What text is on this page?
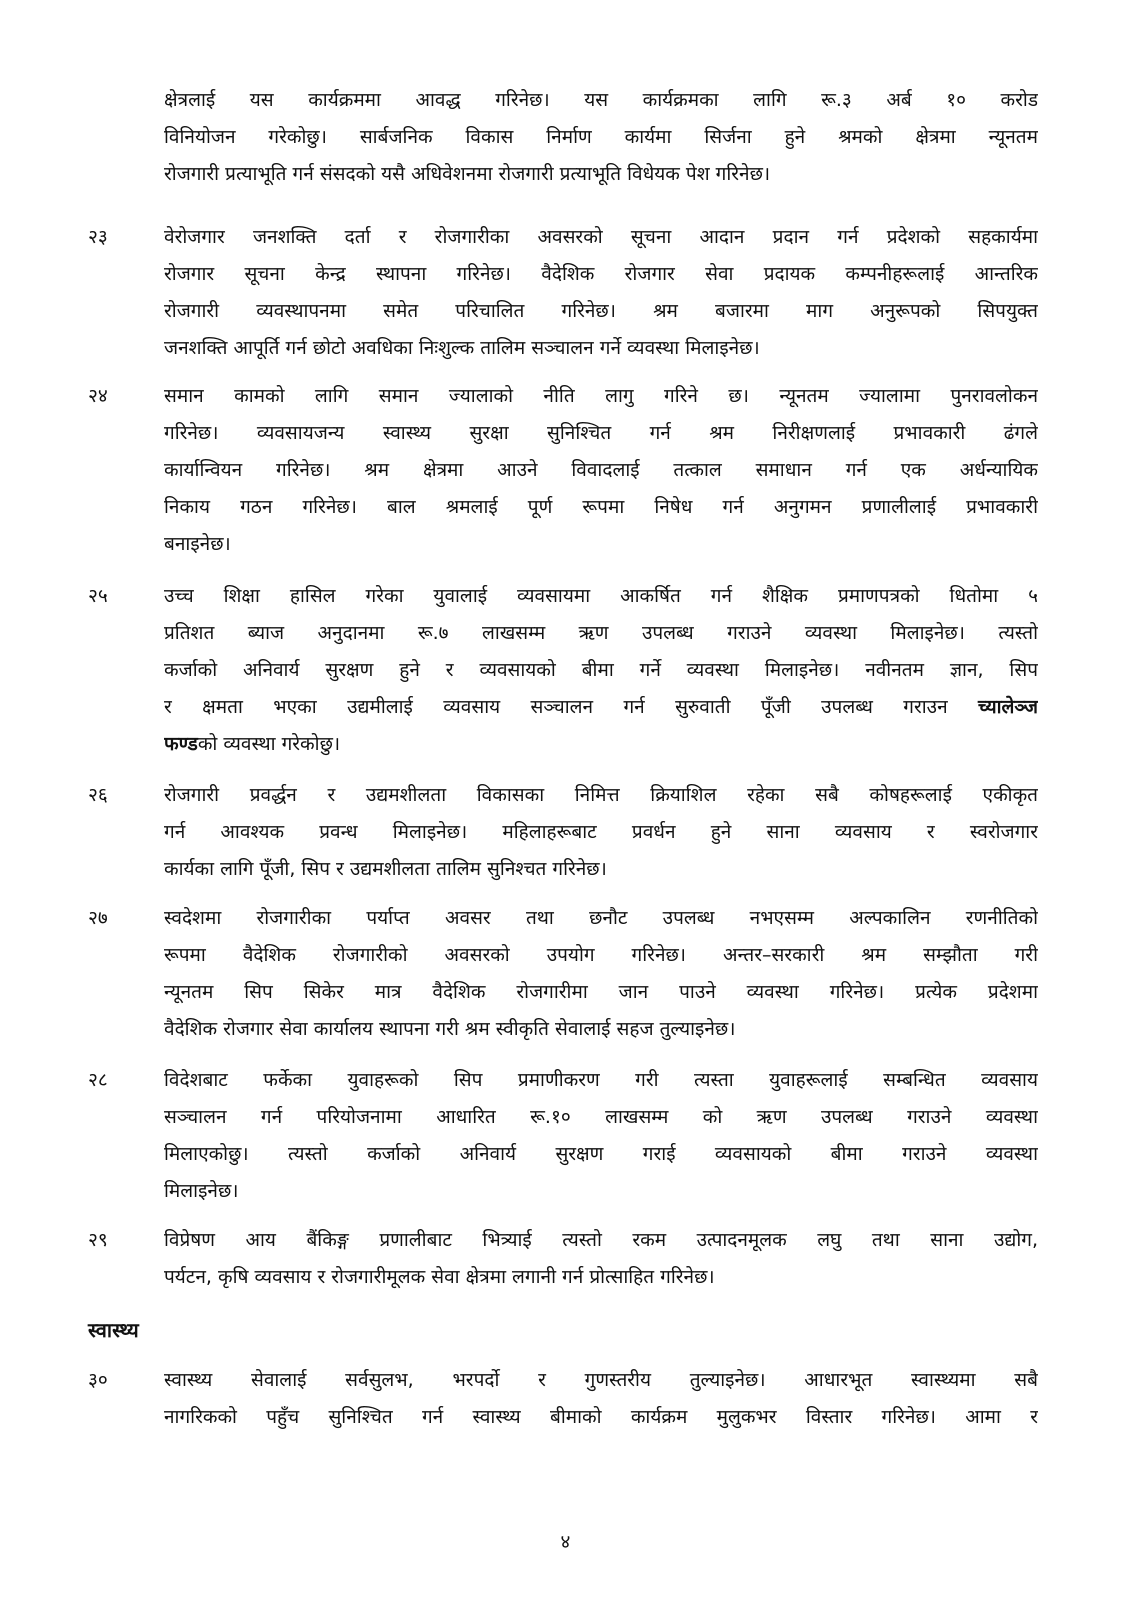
क्षेत्रलाई यस कार्यक्रममा आवद्ध गरिनेछ। यस कार्यक्रमका लागि रू.३ अर्ब १० करोड
विनियोजन गरेकोछु। सार्बजनिक विकास निर्माण कार्यमा सिर्जना हुने श्रमको क्षेत्रमा न्यूनतम
रोजगारी प्रत्याभूति गर्न संसदको यसै अधिवेशनमा रोजगारी प्रत्याभूति विधेयक पेश गरिनेछ।
२३	वेरोजगार जनशक्ति दर्ता र रोजगारीका अवसरको सूचना आदान प्रदान गर्न प्रदेशको सहकार्यमा
रोजगार सूचना केन्द्र स्थापना गरिनेछ। वैदेशिक रोजगार सेवा प्रदायक कम्पनीहरूलाई आन्तरिक
रोजगारी व्यवस्थापनमा समेत परिचालित गरिनेछ। श्रम बजारमा माग अनुरूपको सिपयुक्त
जनशक्ति आपूर्ति गर्न छोटो अवधिका निःशुल्क तालिम सञ्चालन गर्ने व्यवस्था मिलाइनेछ।
२४	समान कामको लागि समान ज्यालाको नीति लागु गरिने छ। न्यूनतम ज्यालामा पुनरावलोकन
गरिनेछ। व्यवसायजन्य स्वास्थ्य सुरक्षा सुनिश्चित गर्न श्रम निरीक्षणलाई प्रभावकारी ढंगले
कार्यान्वियन गरिनेछ। श्रम क्षेत्रमा आउने विवादलाई तत्काल समाधान गर्न एक अर्धन्यायिक
निकाय गठन गरिनेछ। बाल श्रमलाई पूर्ण रूपमा निषेध गर्न अनुगमन प्रणालीलाई प्रभावकारी
बनाइनेछ।
२५	उच्च शिक्षा हासिल गरेका युवालाई व्यवसायमा आकर्षित गर्न शैक्षिक प्रमाणपत्रको धितोमा ५
प्रतिशत ब्याज अनुदानमा रू.७ लाखसम्म ऋण उपलब्ध गराउने व्यवस्था मिलाइनेछ। त्यस्तो
कर्जाको अनिवार्य सुरक्षण हुने र व्यवसायको बीमा गर्ने व्यवस्था मिलाइनेछ। नवीनतम ज्ञान, सिप
र क्षमता भएका उद्यमीलाई व्यवसाय सञ्चालन गर्न सुरुवाती पूँजी उपलब्ध गराउन च्यालेञ्ज
फण्डको व्यवस्था गरेकोछु।
२६	रोजगारी प्रवर्द्धन र उद्यमशीलता विकासका निमित्त क्रियाशिल रहेका सबै कोषहरूलाई एकीकृत
गर्न आवश्यक प्रवन्ध मिलाइनेछ। महिलाहरूबाट प्रवर्धन हुने साना व्यवसाय र स्वरोजगार
कार्यका लागि पूँजी, सिप र उद्यमशीलता तालिम सुनिश्चत गरिनेछ।
२७	स्वदेशमा रोजगारीका पर्याप्त अवसर तथा छनौट उपलब्ध नभएसम्म अल्पकालिन रणनीतिको
रूपमा वैदेशिक रोजगारीको अवसरको उपयोग गरिनेछ। अन्तर–सरकारी श्रम सम्झौता गरी
न्यूनतम सिप सिकेर मात्र वैदेशिक रोजगारीमा जान पाउने व्यवस्था गरिनेछ। प्रत्येक प्रदेशमा
वैदेशिक रोजगार सेवा कार्यालय स्थापना गरी श्रम स्वीकृति सेवालाई सहज तुल्याइनेछ।
२८	विदेशबाट फर्केका युवाहरूको सिप प्रमाणीकरण गरी त्यस्ता युवाहरूलाई सम्बन्धित व्यवसाय
सञ्चालन गर्न परियोजनामा आधारित रू.१० लाखसम्म को ऋण उपलब्ध गराउने व्यवस्था
मिलाएकोछु। त्यस्तो कर्जाको अनिवार्य सुरक्षण गराई व्यवसायको बीमा गराउने व्यवस्था
मिलाइनेछ।
२९	विप्रेषण आय बैंकिङ्ग प्रणालीबाट भित्र्याई त्यस्तो रकम उत्पादनमूलक लघु तथा साना उद्योग,
पर्यटन, कृषि व्यवसाय र रोजगारीमूलक सेवा क्षेत्रमा लगानी गर्न प्रोत्साहित गरिनेछ।
स्वास्थ्य
३०	स्वास्थ्य सेवालाई सर्वसुलभ, भरपर्दो र गुणस्तरीय तुल्याइनेछ। आधारभूत स्वास्थ्यमा सबै
नागरिकको पहुँच सुनिश्चित गर्न स्वास्थ्य बीमाको कार्यक्रम मुलुकभर विस्तार गरिनेछ। आमा र
४
